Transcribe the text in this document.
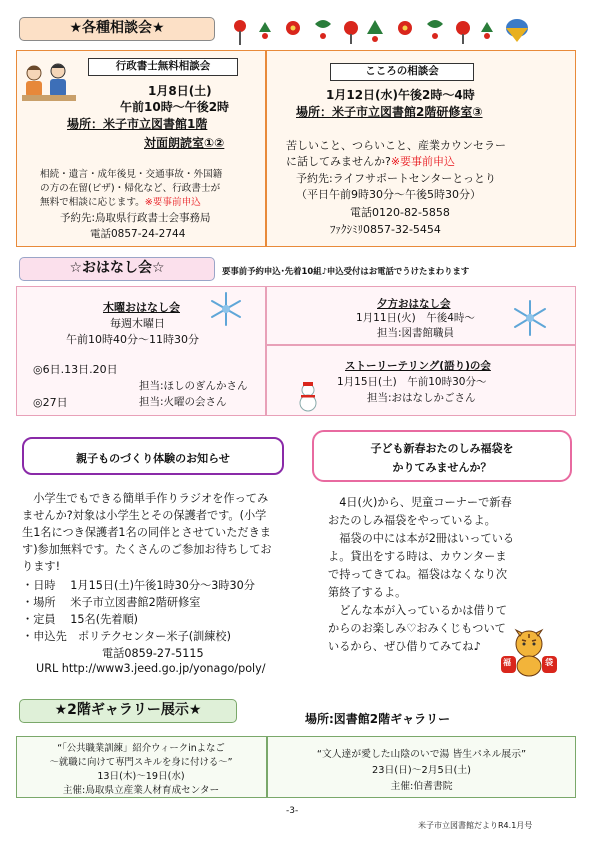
★各種相談会★
行政書士無料相談会
1月8日(土)
午前10時～午後2時
場所：米子市立図書館1階
対面朗読室①②
相続・遺言・成年後見・交通事故・外国籍
の方の在留(ビザ)・帰化など、行政書士が
無料で相談に応じます。※要事前申込
予約先:鳥取県行政書士会事務局
電話0857-24-2744
こころの相談会
1月12日(水)午後2時～4時
場所：米子市立図書館2階研修室③
苦しいこと、つらいこと、産業カウンセラー
に話してみませんか?※要事前申込
予約先:ライフサポートセンターとっとり
（平日午前9時30分～午後5時30分）
電話0120-82-5858
ﾌｧｸｼﾐﾘ0857-32-5454
☆おはなし会☆	要事前予約申込･先着10組♪申込受付はお電話でうけたまわります
木曜おはなし会
毎週木曜日
午前10時40分～11時30分
◎6日.13日.20日
担当:ほしのぎんかさん
◎27日	担当:火曜の会さん
夕方おはなし会
1月11日(火)　午後4時～
担当:図書館職員
ストーリーテリング(語り)の会
1月15日(土)　午前10時30分～
担当:おはなしかごさん
親子ものづくり体験のお知らせ
　小学生でもできる簡単手作りラジオを作ってみ
ませんか?対象は小学生とその保護者です。(小学
生1名につき保護者1名の同伴とさせていただきま
す)参加無料です。たくさんのご参加お待ちしてお
ります!
・日時　 1月15日(土)午後1時30分～3時30分
・場所　 米子市立図書館2階研修室
・定員　 15名(先着順)
・申込先　ポリテクセンター米子(訓練校)
電話0859-27-5115
URL http://www3.jeed.go.jp/yonago/poly/
子ども新春おたのしみ福袋を
かりてみませんか？
　4日(火)から、児童コーナーで新春
おたのしみ福袋をやっているよ。
　福袋の中には本が2冊はいっている
よ。貸出をする時は、カウンターま
で持ってきてね。福袋はなくなり次
第終了するよ。
　どんな本が入っているかは借りて
からのお楽しみ♡おみくじもついて
いるから、ぜひ借りてみてね♪
福	袋
★2階ギャラリー展示★
場所:図書館2階ギャラリー
“「公共職業訓練」紹介ウィークinよなご
～就職に向けて専門スキルを身に付ける～”
13日(木)～19日(水)
主催:鳥取県立産業人材育成センター
“文人達が愛した山陰のいで湯 皆生パネル展示”
23日(日)～2月5日(土)
主催:伯耆書院
-3-
米子市立図書館だよりR4.1月号
